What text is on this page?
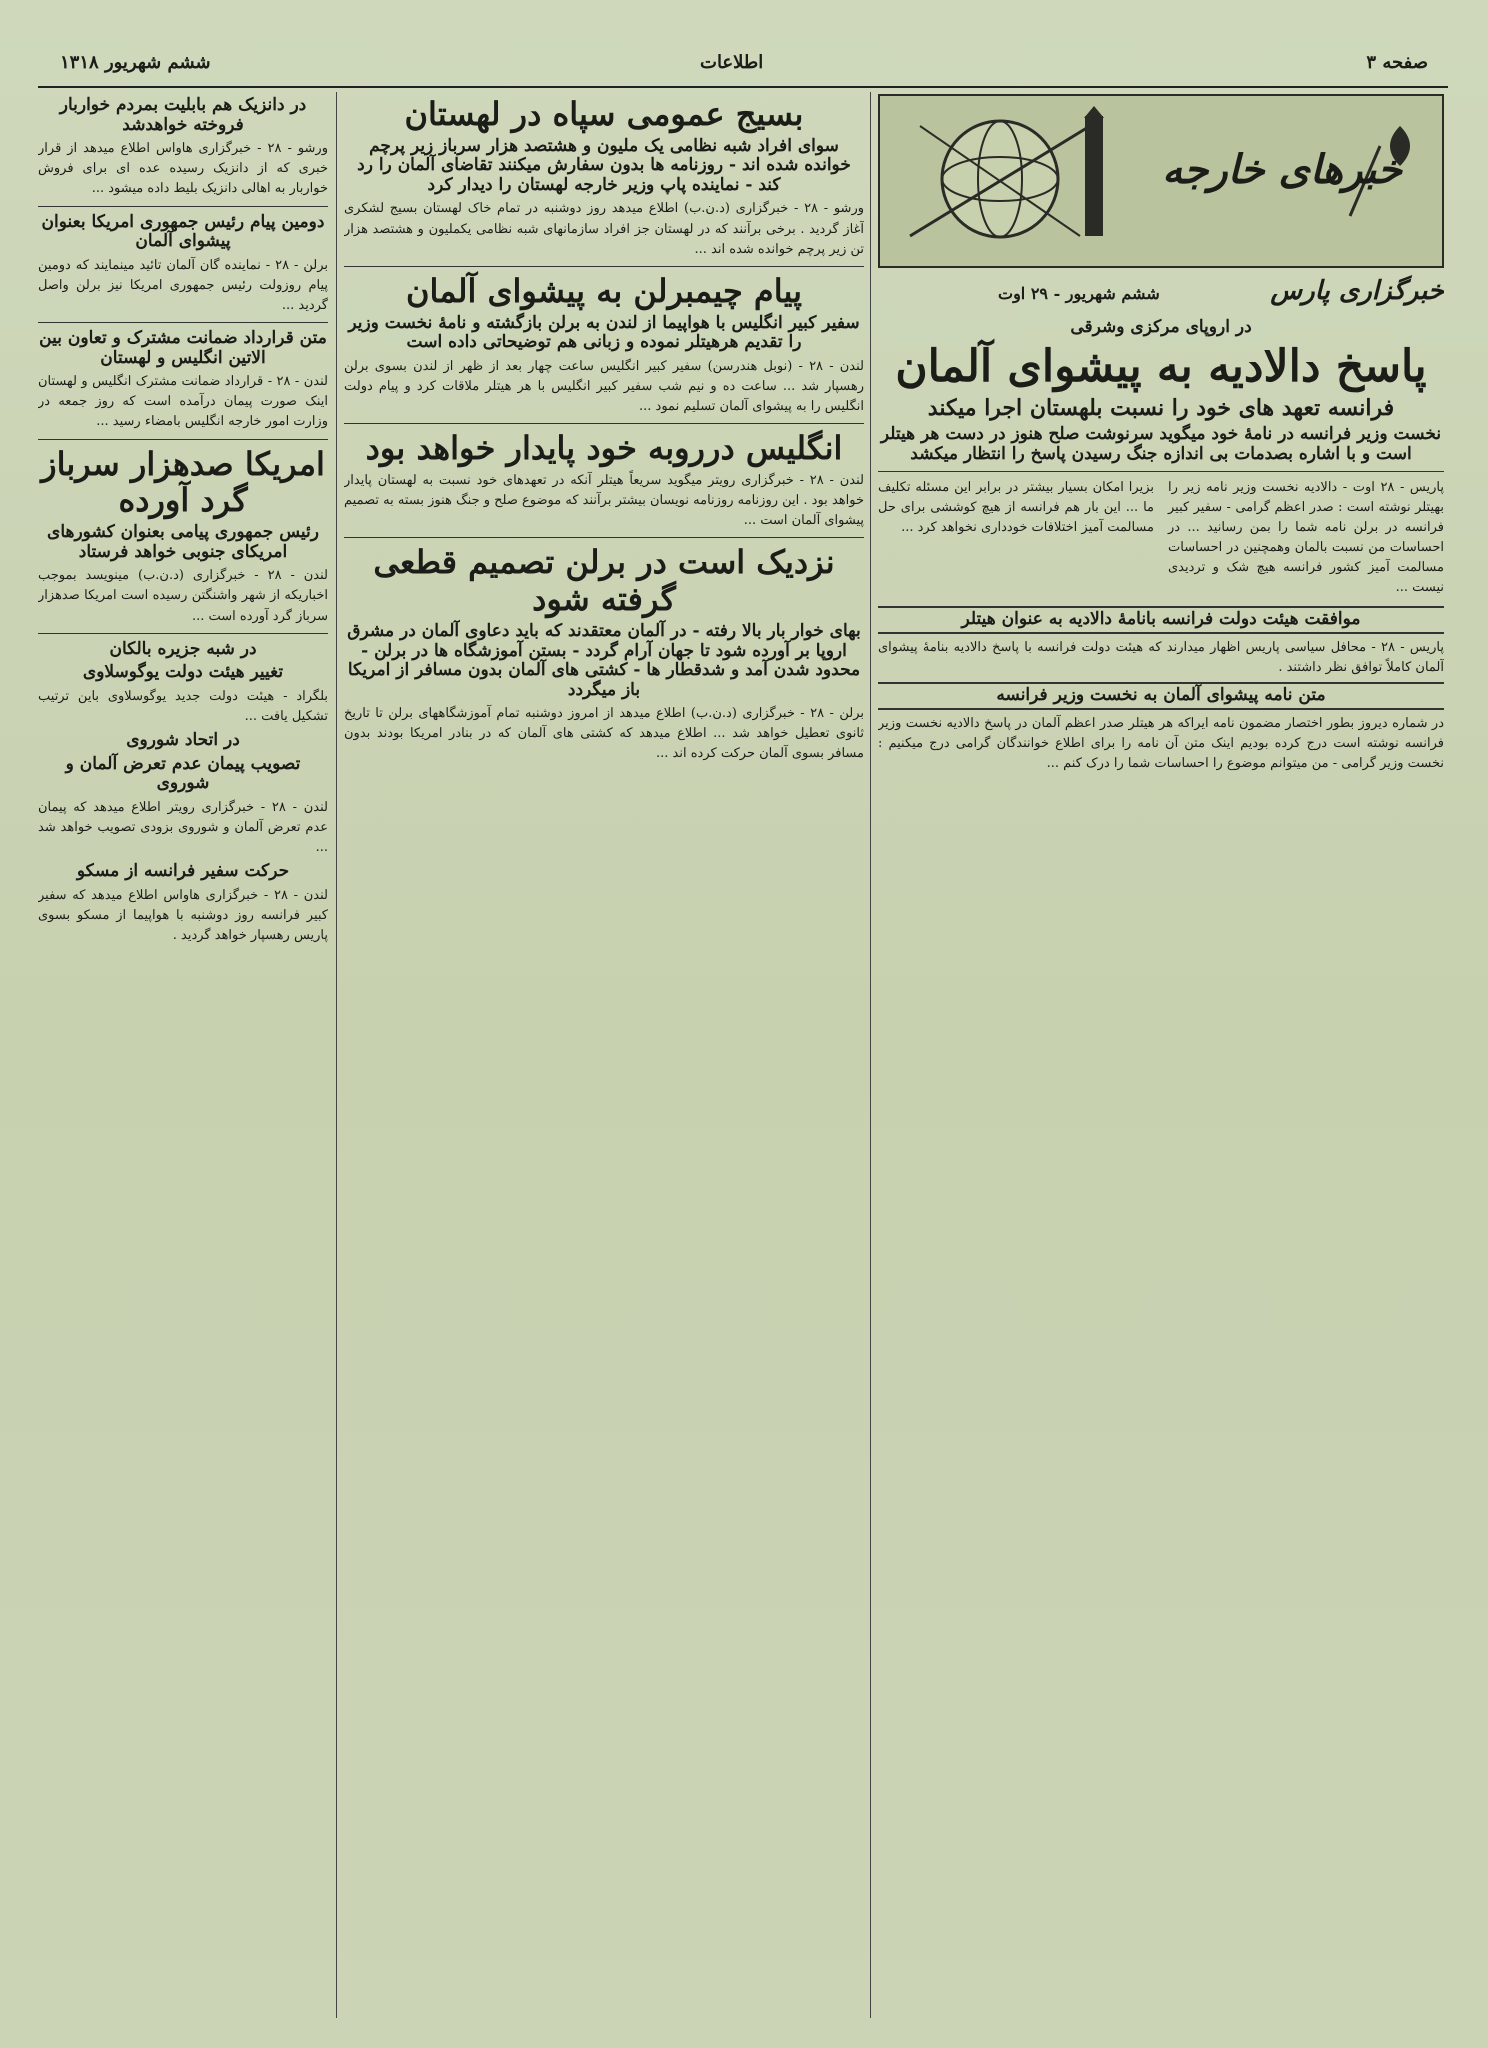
ششم شهریور ۱۳۱۸	اطلاعات	صفحه ۳
خبرهای خارجه
خبرگزاری پارس
ششم شهریور - ۲۹ اوت
در اروپای مرکزی وشرقی
پاسخ دالادیه به پیشوای آلمان
فرانسه تعهد های خود را نسبت بلهستان اجرا میکند
نخست وزیر فرانسه در نامهٔ خود میگوید سرنوشت صلح هنوز در دست هر هیتلر است و با اشاره بصدمات بی اندازه جنگ رسیدن پاسخ را انتظار میکشد

پاریس - ۲۸ اوت - دالادیه نخست وزیر نامه زیر را بهیتلر نوشته است : صدر اعظم گرامی - سفیر کبیر فرانسه در برلن نامه شما را بمن رسانید ... در احساسات من نسبت بالمان وهمچنین در احساسات مسالمت آمیز کشور فرانسه هیچ شک و تردیدی نیست ...

بزیرا امکان بسیار بیشتر در برابر این مسئله تکلیف ما ... این بار هم فرانسه از هیچ کوششی برای حل مسالمت آمیز اختلافات خودداری نخواهد کرد ...

موافقت هیئت دولت فرانسه بانامهٔ دالادیه به عنوان هیتلر

پاریس - ۲۸ - محافل سیاسی پاریس اظهار میدارند که هیئت دولت فرانسه با پاسخ دالادیه بنامهٔ پیشوای آلمان کاملاً توافق نظر داشتند .

متن نامه پیشوای آلمان به نخست وزیر فرانسه

در شماره دیروز بطور اختصار مضمون نامه ایراکه هر هیتلر صدر اعظم آلمان در پاسخ دالادیه نخست وزیر فرانسه نوشته است درج کرده بودیم اینک متن آن نامه را برای اطلاع خوانندگان گرامی درج میکنیم : نخست وزیر گرامی - من میتوانم موضوع را احساسات شما را درک کنم ...

بسیج عمومی سپاه در لهستان
سوای افراد شبه نظامی یک ملیون و هشتصد هزار سرباز زیر پرچم خوانده شده اند - روزنامه ها بدون سفارش میکنند تقاضای آلمان را رد کند - نماینده پاپ وزیر خارجه لهستان را دیدار کرد

ورشو - ۲۸ - خبرگزاری (د.ن.ب) اطلاع میدهد روز دوشنبه در تمام خاک لهستان بسیج لشکری آغاز گردید . برخی برآنند که در لهستان جز افراد سازمانهای شبه نظامی یکملیون و هشتصد هزار تن زیر پرچم خوانده شده اند ...

پیام چیمبرلن به پیشوای آلمان
سفیر کبیر انگلیس با هواپیما از لندن به برلن بازگشته و نامهٔ نخست وزیر را تقدیم هرهیتلر نموده و زبانی هم توضیحاتی داده است

لندن - ۲۸ - (نوبل هندرسن) سفیر کبیر انگلیس ساعت چهار بعد از ظهر از لندن بسوی برلن رهسپار شد ... ساعت ده و نیم شب سفیر کبیر انگلیس با هر هیتلر ملاقات کرد و پیام دولت انگلیس را به پیشوای آلمان تسلیم نمود ...

انگلیس درروبه خود پایدار خواهد بود

لندن - ۲۸ - خبرگزاری رویتر میگوید سریعاً هیتلر آنکه در تعهدهای خود نسبت به لهستان پایدار خواهد بود . این روزنامه روزنامه نویسان بیشتر برآنند که موضوع صلح و جنگ هنوز بسته به تصمیم پیشوای آلمان است ...

نزدیک است در برلن تصمیم قطعی گرفته شود
بهای خوار بار بالا رفته - در آلمان معتقدند که باید دعاوی آلمان در مشرق اروپا بر آورده شود تا جهان آرام گردد - بستن آموزشگاه ها در برلن - محدود شدن آمد و شدقطار ها - کشتی های آلمان بدون مسافر از امریکا باز میگردد

برلن - ۲۸ - خبرگزاری (د.ن.ب) اطلاع میدهد از امروز دوشنبه تمام آموزشگاههای برلن تا تاریخ ثانوی تعطیل خواهد شد ... اطلاع میدهد که کشتی های آلمان که در بنادر امریکا بودند بدون مسافر بسوی آلمان حرکت کرده اند ...

در دانزیک هم بابلیت بمردم خواربار فروخته خواهدشد

ورشو - ۲۸ - خبرگزاری هاواس اطلاع میدهد از قرار خبری که از دانزیک رسیده عده ای برای فروش خواربار به اهالی دانزیک بلیط داده میشود ...

دومین پیام رئیس جمهوری امریکا بعنوان پیشوای آلمان

برلن - ۲۸ - نماینده گان آلمان تائید مینمایند که دومین پیام روزولت رئیس جمهوری امریکا نیز برلن واصل گردید ...

متن قرارداد ضمانت مشترک و تعاون بین الاتین انگلیس و لهستان

لندن - ۲۸ - قرارداد ضمانت مشترک انگلیس و لهستان اینک صورت پیمان درآمده است که روز جمعه در وزارت امور خارجه انگلیس بامضاء رسید ...

امریکا صدهزار سرباز گرد آورده
رئیس جمهوری پیامی بعنوان کشورهای امریکای جنوبی خواهد فرستاد

لندن - ۲۸ - خبرگزاری (د.ن.ب) مینویسد بموجب اخباریکه از شهر واشنگتن رسیده است امریکا صدهزار سرباز گرد آورده است ...

در شبه جزیره بالکان
تغییر هیئت دولت یوگوسلاوی

بلگراد - هیئت دولت جدید یوگوسلاوی باین ترتیب تشکیل یافت ...

در اتحاد شوروی
تصویب پیمان عدم تعرض آلمان و شوروی

لندن - ۲۸ - خبرگزاری رویتر اطلاع میدهد که پیمان عدم تعرض آلمان و شوروی بزودی تصویب خواهد شد ...

حرکت سفیر فرانسه از مسکو

لندن - ۲۸ - خبرگزاری هاواس اطلاع میدهد که سفیر کبیر فرانسه روز دوشنبه با هواپیما از مسکو بسوی پاریس رهسپار خواهد گردید .
